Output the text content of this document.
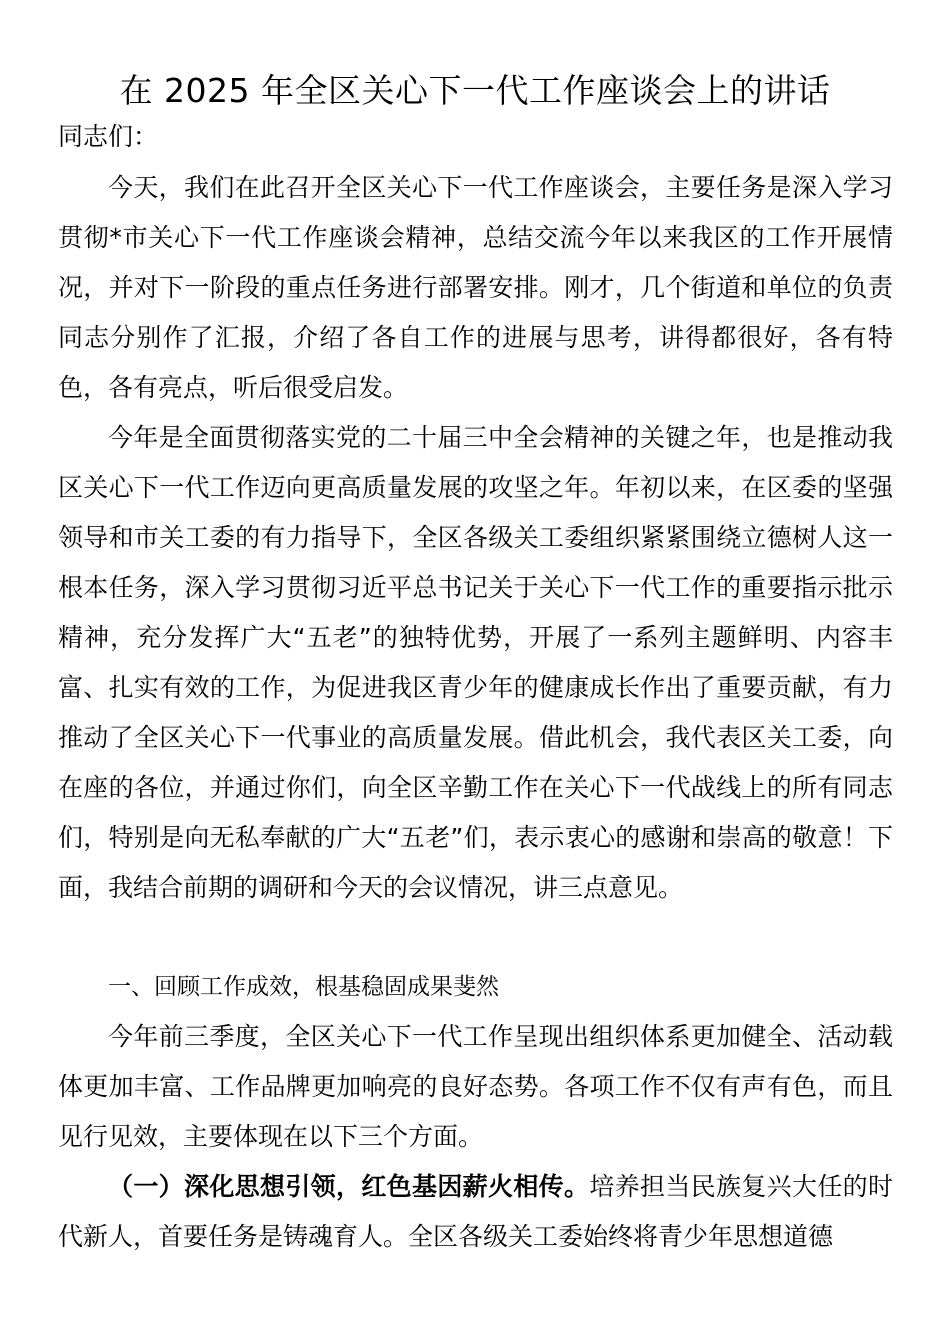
在 2025 年全区关心下一代工作座谈会上的讲话
同志们：

今天，我们在此召开全区关心下一代工作座谈会，主要任务是深入学习贯彻*市关心下一代工作座谈会精神，总结交流今年以来我区的工作开展情况，并对下一阶段的重点任务进行部署安排。刚才，几个街道和单位的负责同志分别作了汇报，介绍了各自工作的进展与思考，讲得都很好，各有特色，各有亮点，听后很受启发。

今年是全面贯彻落实党的二十届三中全会精神的关键之年，也是推动我区关心下一代工作迈向更高质量发展的攻坚之年。年初以来，在区委的坚强领导和市关工委的有力指导下，全区各级关工委组织紧紧围绕立德树人这一根本任务，深入学习贯彻习近平总书记关于关心下一代工作的重要指示批示精神，充分发挥广大“五老”的独特优势，开展了一系列主题鲜明、内容丰富、扎实有效的工作，为促进我区青少年的健康成长作出了重要贡献，有力推动了全区关心下一代事业的高质量发展。借此机会，我代表区关工委，向在座的各位，并通过你们，向全区辛勤工作在关心下一代战线上的所有同志们，特别是向无私奉献的广大“五老”们，表示衷心的感谢和崇高的敬意！下面，我结合前期的调研和今天的会议情况，讲三点意见。

一、回顾工作成效，根基稳固成果斐然

今年前三季度，全区关心下一代工作呈现出组织体系更加健全、活动载体更加丰富、工作品牌更加响亮的良好态势。各项工作不仅有声有色，而且见行见效，主要体现在以下三个方面。

（一）深化思想引领，红色基因薪火相传。培养担当民族复兴大任的时代新人，首要任务是铸魂育人。全区各级关工委始终将青少年思想道德
